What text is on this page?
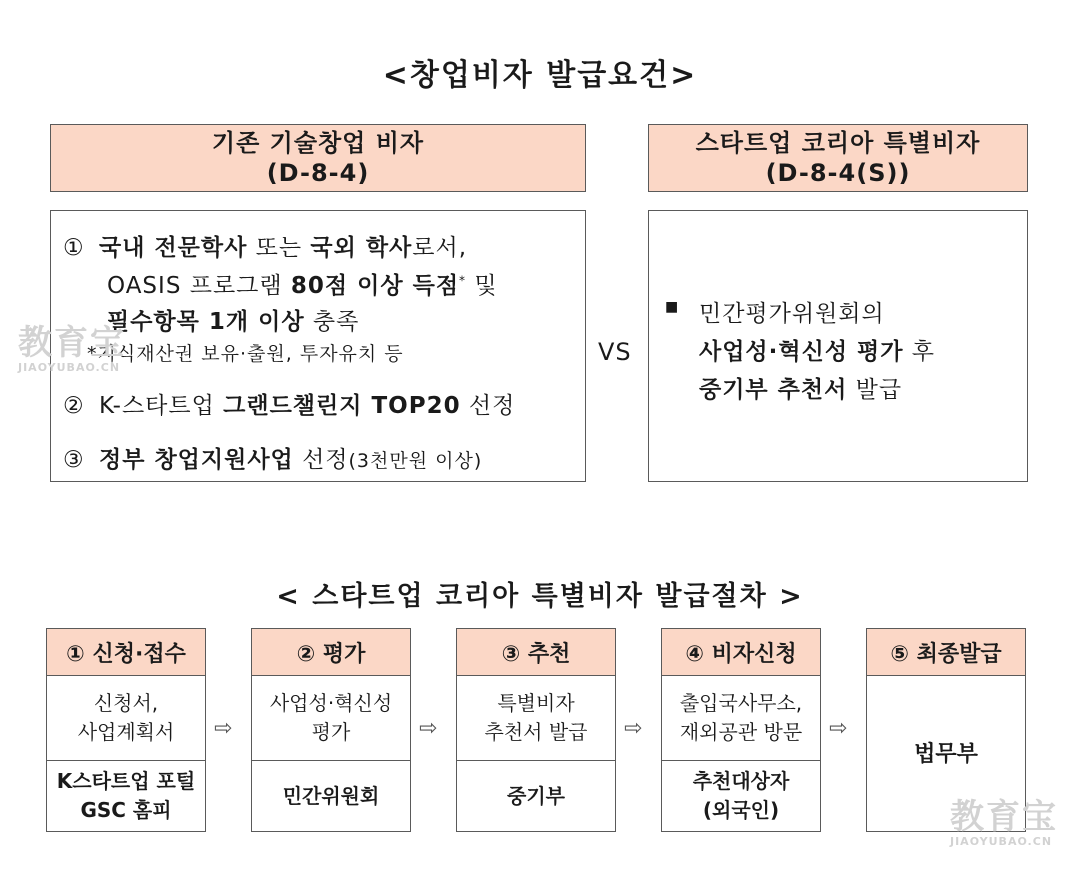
<창업비자 발급요건>
기존 기술창업 비자
(D-8-4)
스타트업 코리아 특별비자
(D-8-4(S))
① 국내 전문학사 또는 국외 학사로서,
OASIS 프로그램 80점 이상 득점* 및
필수항목 1개 이상 충족
*지식재산권 보유·출원, 투자유치 등
② K-스타트업 그랜드챌린지 TOP20 선정
③ 정부 창업지원사업 선정(3천만원 이상)
VS
■ 민간평가위원회의
사업성·혁신성 평가 후
중기부 추천서 발급
< 스타트업 코리아 특별비자 발급절차 >
① 신청·접수
신청서,
사업계획서
K스타트업 포털
GSC 홈피
⇨
② 평가
사업성·혁신성
평가
민간위원회
⇨
③ 추천
특별비자
추천서 발급
중기부
⇨
④ 비자신청
출입국사무소,
재외공관 방문
추천대상자
(외국인)
⇨
⑤ 최종발급
법무부
教育宝
JIAOYUBAO.CN
教育宝
JIAOYUBAO.CN
